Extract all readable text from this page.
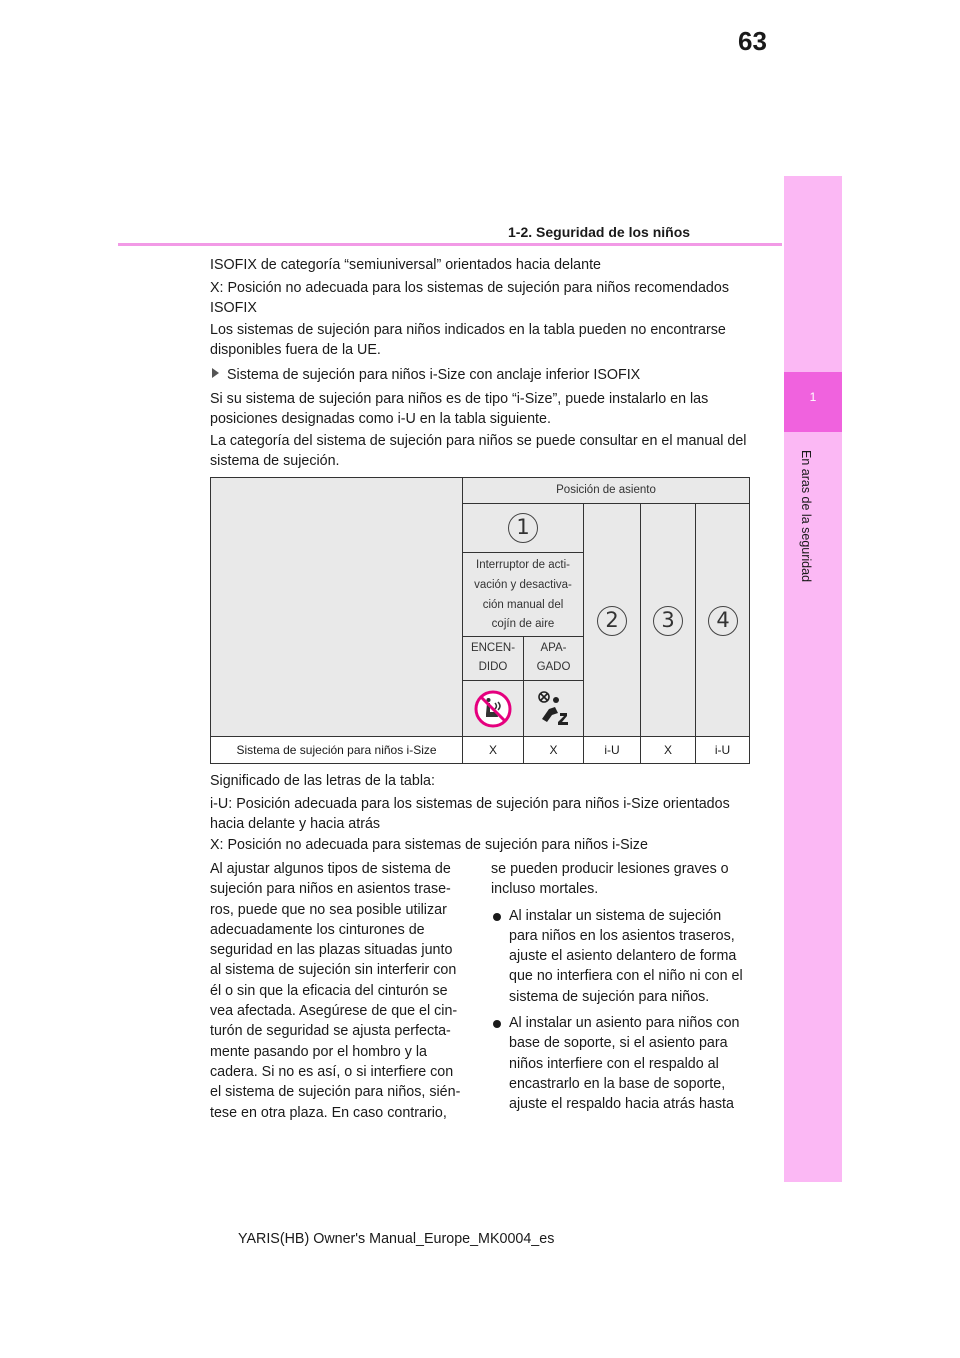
63
1-2. Seguridad de los niños
1
ISOFIX de categoría “semiuniversal” orientados hacia delante
X: Posición no adecuada para los sistemas de sujeción para niños recomendados ISOFIX
Los sistemas de sujeción para niños indicados en la tabla pueden no encontrarse disponibles fuera de la UE.
Sistema de sujeción para niños i-Size con anclaje inferior ISOFIX
Si su sistema de sujeción para niños es de tipo “i-Size”, puede instalarlo en las posiciones designadas como i-U en la tabla siguiente.
La categoría del sistema de sujeción para niños se puede consultar en el manual del sistema de sujeción.
Posición de asiento
1
2	3	4
Interruptor de acti-
vación y desactiva-
ción manual del
cojín de aire
ENCEN-
DIDO
APA-
GADO
Sistema de sujeción para niños i-Size	X	X	i-U	X	i-U
Significado de las letras de la tabla:
i-U: Posición adecuada para los sistemas de sujeción para niños i-Size orientados hacia delante y hacia atrás
X: Posición no adecuada para sistemas de sujeción para niños i-Size
Al ajustar algunos tipos de sistema de
sujeción para niños en asientos trase-
ros, puede que no sea posible utilizar
adecuadamente los cinturones de
seguridad en las plazas situadas junto
al sistema de sujeción sin interferir con
él o sin que la eficacia del cinturón se
vea afectada. Asegúrese de que el cin-
turón de seguridad se ajusta perfecta-
mente pasando por el hombro y la
cadera. Si no es así, o si interfiere con
el sistema de sujeción para niños, sién-
tese en otra plaza. En caso contrario,
se pueden producir lesiones graves o
incluso mortales.
Al instalar un sistema de sujeción
para niños en los asientos traseros,
ajuste el asiento delantero de forma
que no interfiera con el niño ni con el
sistema de sujeción para niños.
Al instalar un asiento para niños con
base de soporte, si el asiento para
niños interfiere con el respaldo al
encastrarlo en la base de soporte,
ajuste el respaldo hacia atrás hasta
YARIS(HB) Owner's Manual_Europe_MK0004_es
